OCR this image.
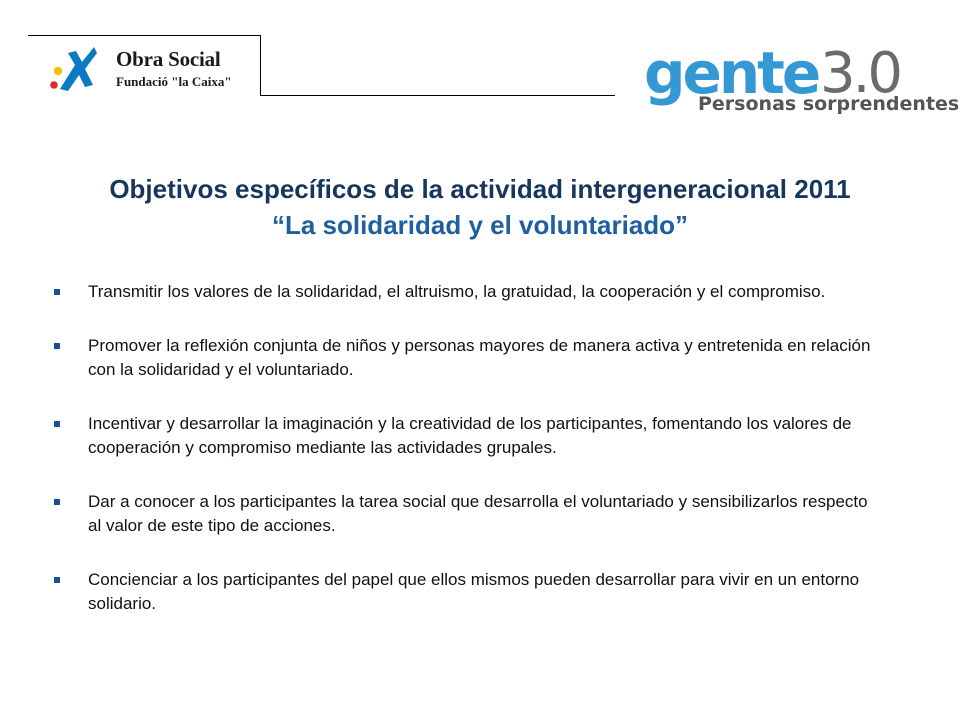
Obra Social
Fundació "la Caixa"	gente 3.0
Personas sorprendentes
Objetivos específicos de la actividad intergeneracional 2011
“La solidaridad y el voluntariado”
Transmitir los valores de la solidaridad, el altruismo, la gratuidad, la cooperación y el compromiso.
Promover la reflexión conjunta de niños y personas mayores de manera activa y entretenida en relación con la solidaridad y el voluntariado.
Incentivar y desarrollar la imaginación y la creatividad de los participantes, fomentando los valores de cooperación y compromiso mediante las actividades grupales.
Dar a conocer a los participantes la tarea social que desarrolla el voluntariado y sensibilizarlos respecto al valor de este tipo de acciones.
Concienciar a los participantes del papel que ellos mismos pueden desarrollar para vivir en un entorno solidario.
